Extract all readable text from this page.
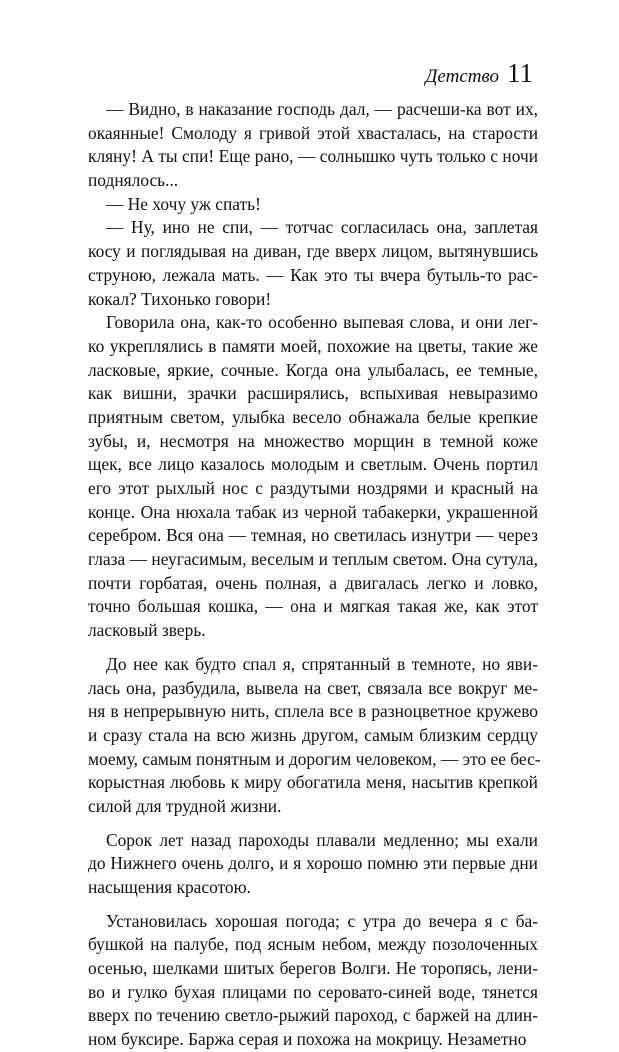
Детство 11
— Видно, в наказание господь дал, — расчеши-ка вот их,
окаянные! Смолоду я гривой этой хвасталась, на старости
кляну! А ты спи! Еще рано, — солнышко чуть только с ночи
поднялось...
— Не хочу уж спать!
— Ну, ино не спи, — тотчас согласилась она, заплетая
косу и поглядывая на диван, где вверх лицом, вытянувшись
струною, лежала мать. — Как это ты вчера бутыль-то рас-
кокал? Тихонько говори!
Говорила она, как-то особенно выпевая слова, и они лег-
ко укреплялись в памяти моей, похожие на цветы, такие же
ласковые, яркие, сочные. Когда она улыбалась, ее темные,
как вишни, зрачки расширялись, вспыхивая невыразимо
приятным светом, улыбка весело обнажала белые крепкие
зубы, и, несмотря на множество морщин в темной коже
щек, все лицо казалось молодым и светлым. Очень портил
его этот рыхлый нос с раздутыми ноздрями и красный на
конце. Она нюхала табак из черной табакерки, украшенной
серебром. Вся она — темная, но светилась изнутри — через
глаза — неугасимым, веселым и теплым светом. Она сутула,
почти горбатая, очень полная, а двигалась легко и ловко,
точно большая кошка, — она и мягкая такая же, как этот
ласковый зверь.
До нее как будто спал я, спрятанный в темноте, но яви-
лась она, разбудила, вывела на свет, связала все вокруг ме-
ня в непрерывную нить, сплела все в разноцветное кружево
и сразу стала на всю жизнь другом, самым близким сердцу
моему, самым понятным и дорогим человеком, — это ее бес-
корыстная любовь к миру обогатила меня, насытив крепкой
силой для трудной жизни.
Сорок лет назад пароходы плавали медленно; мы ехали
до Нижнего очень долго, и я хорошо помню эти первые дни
насыщения красотою.
Установилась хорошая погода; с утра до вечера я с ба-
бушкой на палубе, под ясным небом, между позолоченных
осенью, шелками шитых берегов Волги. Не торопясь, лени-
во и гулко бухая плицами по серовато-синей воде, тянется
вверх по течению светло-рыжий пароход, с баржей на длин-
ном буксире. Баржа серая и похожа на мокрицу. Незаметно
